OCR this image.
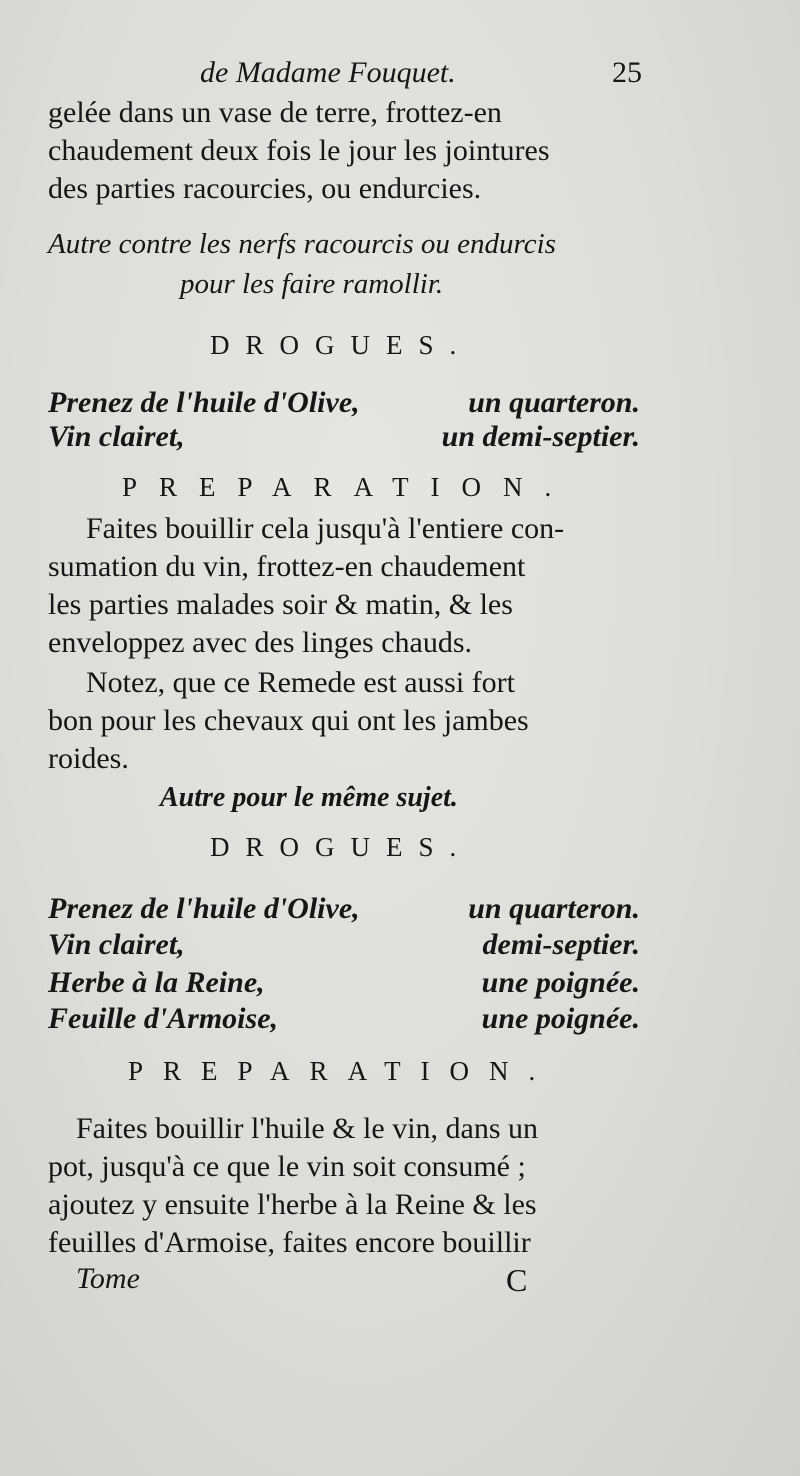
de Madame Fouquet.	25
gelée dans un vase de terre, frottez-en
chaudement deux fois le jour les jointures
des parties racourcies, ou endurcies.
Autre contre les nerfs racourcis ou endurcis
pour les faire ramollir.
DROGUES.
Prenez de l'huile d'Olive,	un quarteron.
Vin clairet,	un demi-septier.
PREPARATION.
Faites bouillir cela jusqu'à l'entiere con-
sumation du vin, frottez-en chaudement
les parties malades soir & matin, & les
enveloppez avec des linges chauds.
Notez, que ce Remede est aussi fort
bon pour les chevaux qui ont les jambes
roides.
Autre pour le même sujet.
DROGUES.
Prenez de l'huile d'Olive,	un quarteron.
Vin clairet,	demi-septier.
Herbe à la Reine,	une poignée.
Feuille d'Armoise,	une poignée.
PREPARATION.
Faites bouillir l'huile & le vin, dans un
pot, jusqu'à ce que le vin soit consumé ;
ajoutez y ensuite l'herbe à la Reine & les
feuilles d'Armoise, faites encore bouillir
Tome	C
